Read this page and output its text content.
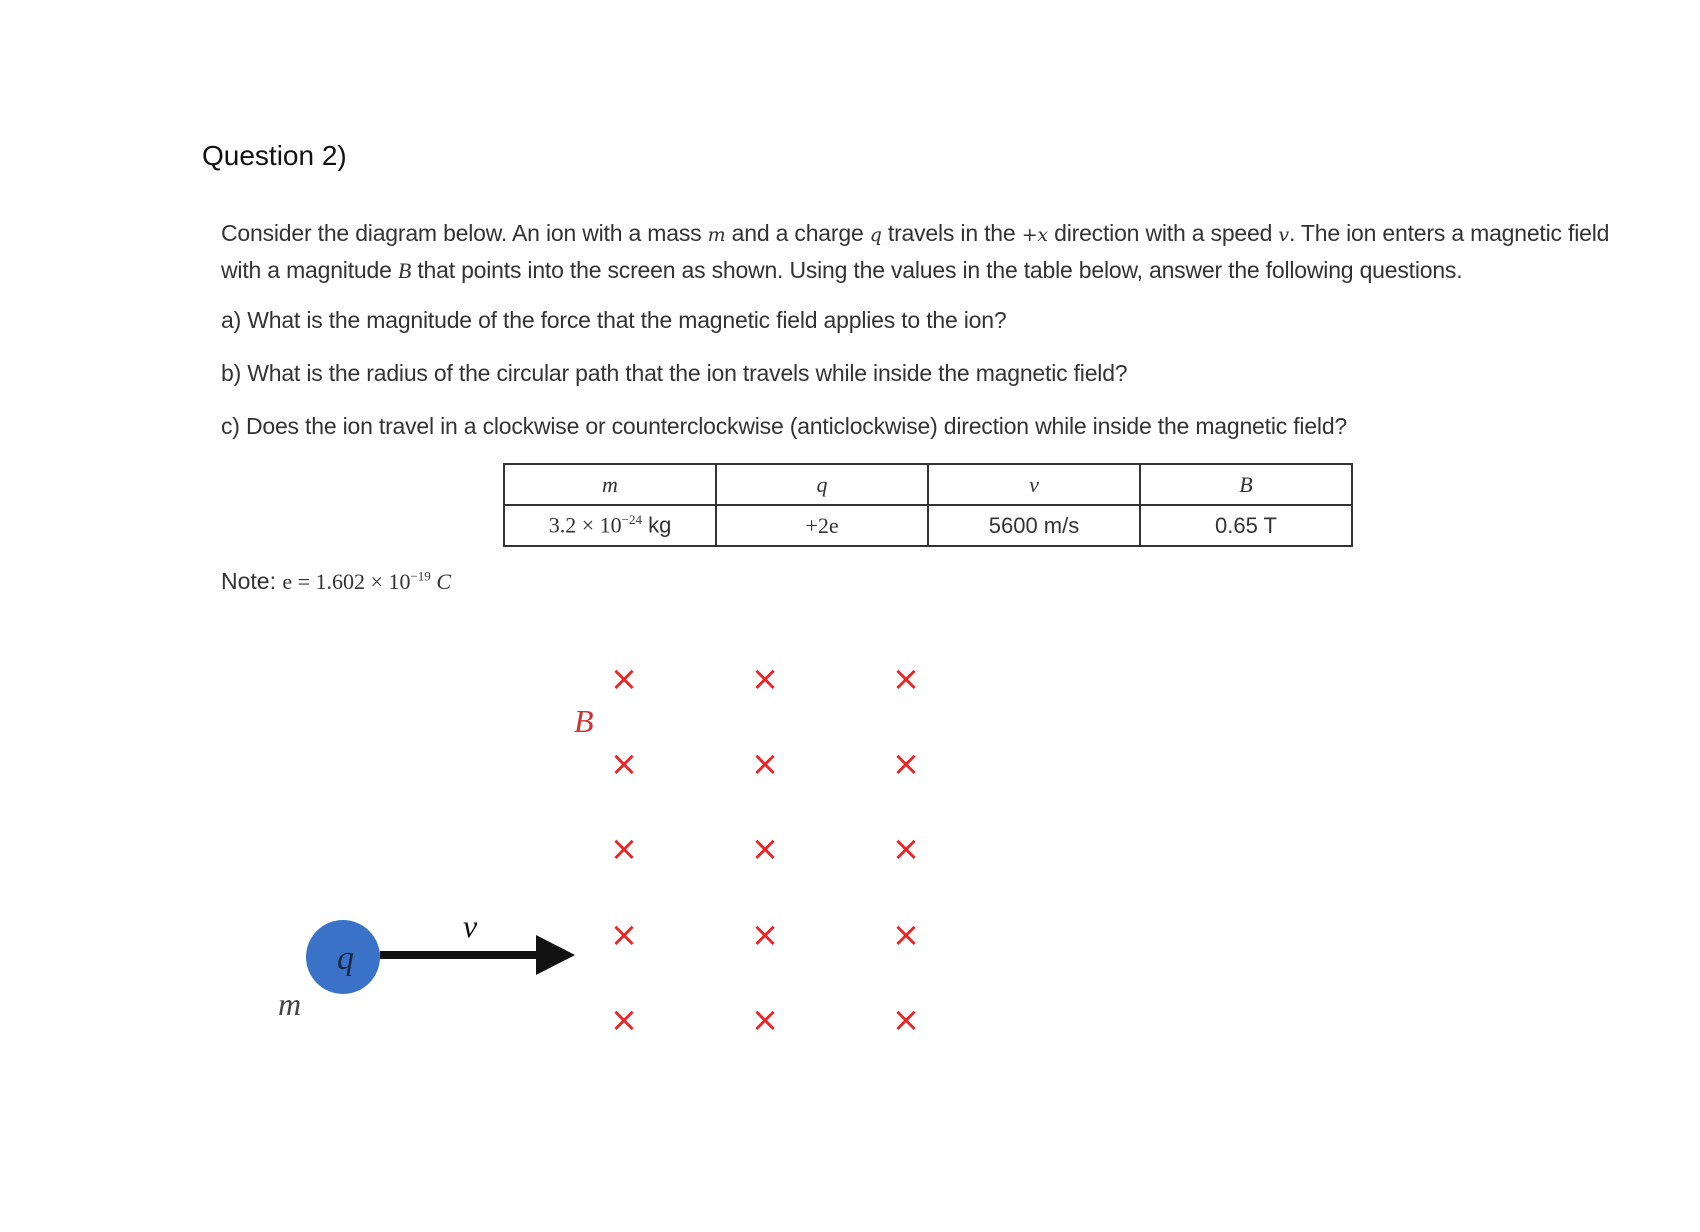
Question 2)
Consider the diagram below. An ion with a mass m and a charge q travels in the +x direction with a speed v. The ion enters a magnetic field with a magnitude B that points into the screen as shown. Using the values in the table below, answer the following questions.
a) What is the magnitude of the force that the magnetic field applies to the ion?
b) What is the radius of the circular path that the ion travels while inside the magnetic field?
c) Does the ion travel in a clockwise or counterclockwise (anticlockwise) direction while inside the magnetic field?
m	q	v	B
$3.2 \times 10^{-24}$ kg	+2e	5600 m/s	0.65 T
Note: $e = 1.602 \times 10^{-19}$ C
×	×	×
×	×	×
×	×	×
×	×	×
×	×	×
B
v
q
m
